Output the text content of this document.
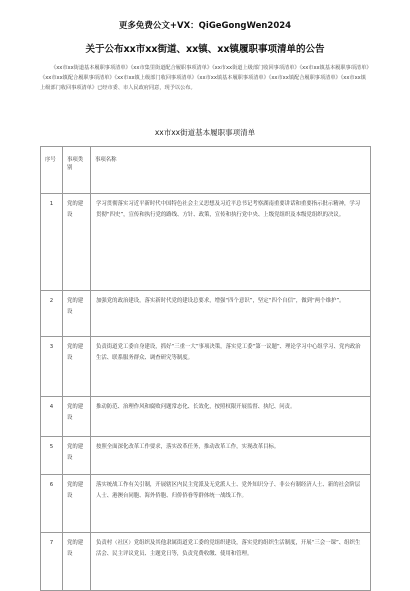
更多免费公文+VX：QiGeGongWen2024
关于公布xx市xx街道、xx镇、xx镇履职事项清单的公告
《xx市xx街道基本履职事项清单》《xx市集里街道配合履职事项清单》《xx市xx街道上级部门收回事项清单》《xx市xx镇基本履职事项清单》《xx市xx镇配合履职事项清单》《xx市xx镇上级部门收回事项清单》《xx市xx镇基本履职事项清单》《xx市xx镇配合履职事项清单》《xx市xx镇上级部门收回事项清单》已经市委、市人民政府同意，现予以公布。
xx市xx街道基本履职事项清单
序号	事项类别	事项名称
1	党的建设	学习贯彻落实习近平新时代中国特色社会主义思想及习近平总书记考察湖南重要讲话和重要指示批示精神，学习贯彻“四史”，宣传和执行党的路线、方针、政策，宣传和执行党中央、上级党组织及本级党组织的决议。
2	党的建设	加强党的政治建设，落实新时代党的建设总要求，增强“四个意识”，坚定“四个自信”，做到“两个维护”。
3	党的建设	负责街道党工委自身建设，抓好“三重一大”事项决策，落实党工委“第一议题”、理论学习中心组学习、党内政治生活、联系服务群众、调查研究等制度。
4	党的建设	推动防范、治理作风和腐败问题常态化、长效化，按照权限开展监督、执纪、问责。
5	党的建设	按照全面深化改革工作要求，落实改革任务，推动改革工作，实现改革目标。
6	党的建设	落实统战工作有关引制，开展辖区内民主党派及无党派人士、党外知识分子、非公有制经济人士、新的社会阶层人士、港澳台同胞、海外侨胞、归侨侨眷等群体统一战线工作。
7	党的建设	负责村（社区）党组织及其他隶属街道党工委的党组织建设，落实党的组织生活制度，开展“三会一课”、组织生活会、民主评议党员、主题党日等，负责党费收缴、使用和管理。
